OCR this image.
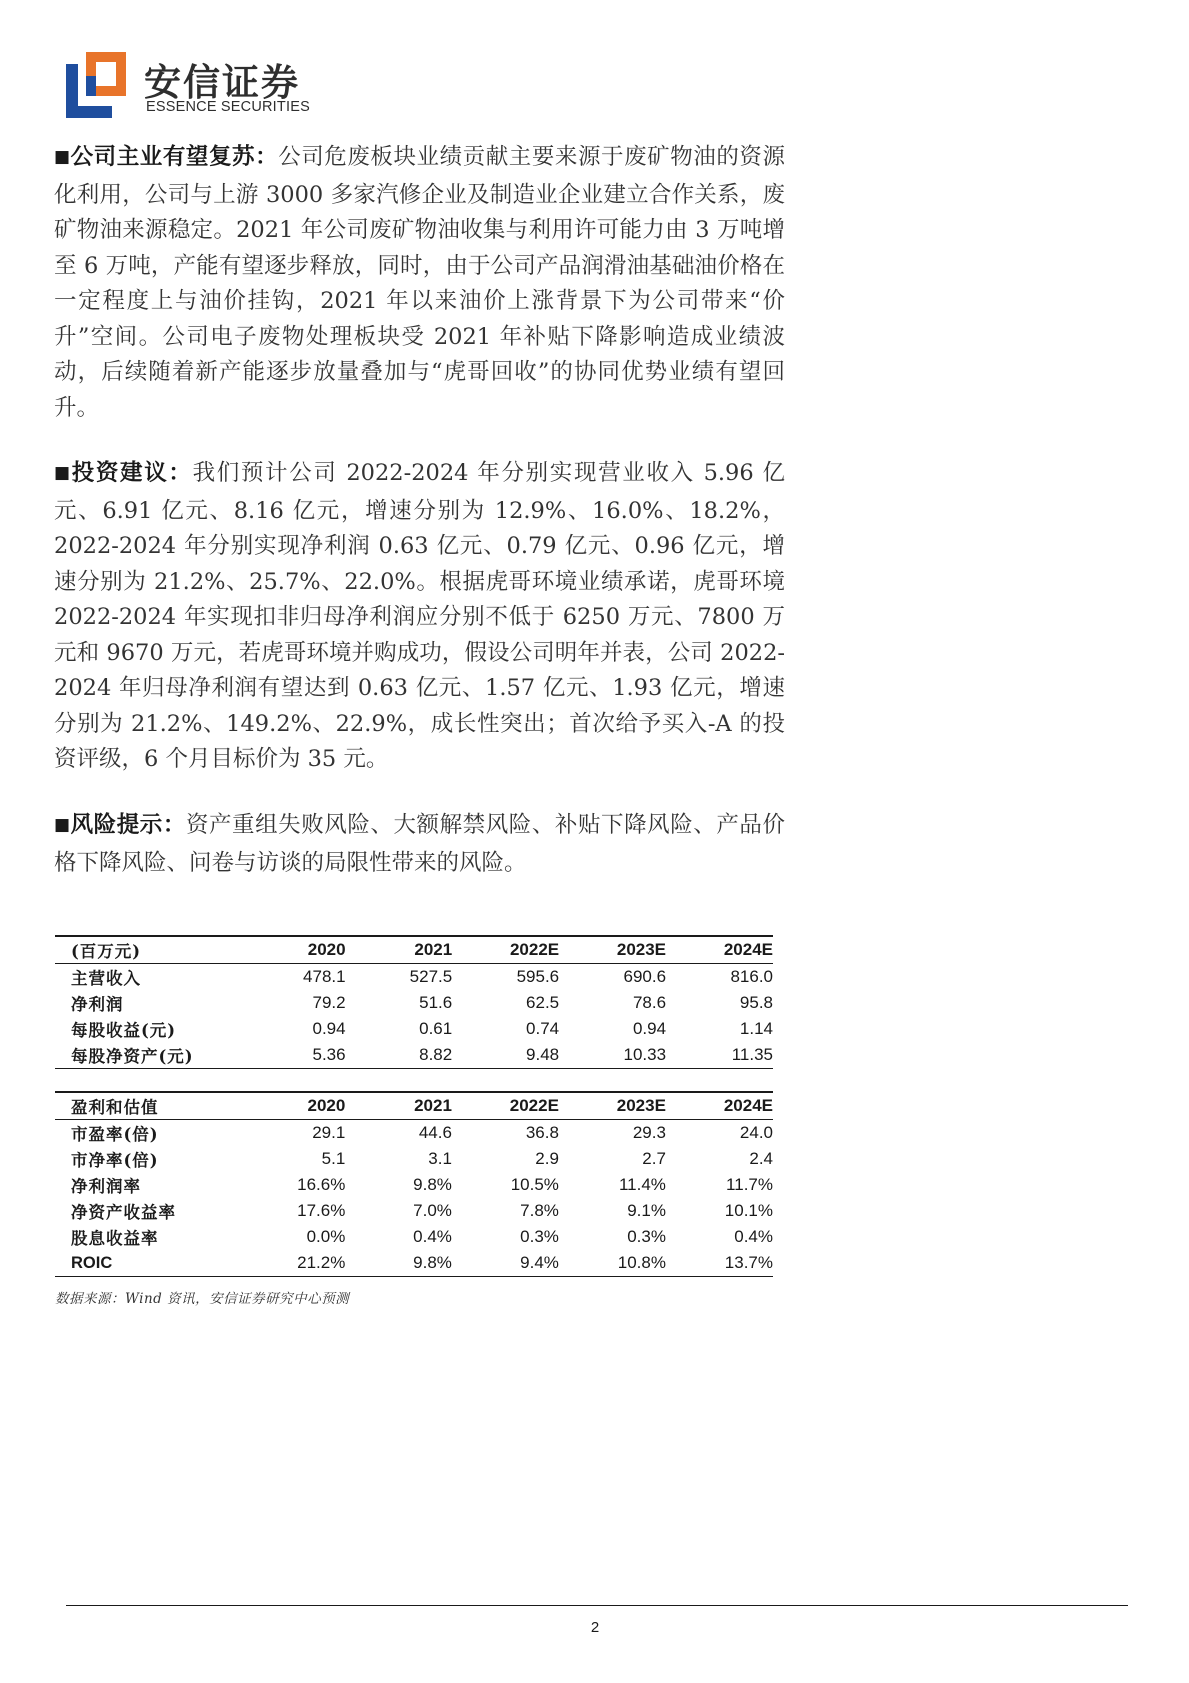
安信证券
ESSENCE SECURITIES
■公司主业有望复苏：公司危废板块业绩贡献主要来源于废矿物油的资源化利用，公司与上游 3000 多家汽修企业及制造业企业建立合作关系，废矿物油来源稳定。2021 年公司废矿物油收集与利用许可能力由 3 万吨增至 6 万吨，产能有望逐步释放，同时，由于公司产品润滑油基础油价格在一定程度上与油价挂钩，2021 年以来油价上涨背景下为公司带来“价升”空间。公司电子废物处理板块受 2021 年补贴下降影响造成业绩波动，后续随着新产能逐步放量叠加与“虎哥回收”的协同优势业绩有望回升。
■投资建议：我们预计公司 2022-2024 年分别实现营业收入 5.96 亿元、6.91 亿元、8.16 亿元，增速分别为 12.9%、16.0%、18.2%，2022-2024 年分别实现净利润 0.63 亿元、0.79 亿元、0.96 亿元，增速分别为 21.2%、25.7%、22.0%。根据虎哥环境业绩承诺，虎哥环境 2022-2024 年实现扣非归母净利润应分别不低于 6250 万元、7800 万元和 9670 万元，若虎哥环境并购成功，假设公司明年并表，公司 2022-2024 年归母净利润有望达到 0.63 亿元、1.57 亿元、1.93 亿元，增速分别为 21.2%、149.2%、22.9%，成长性突出；首次给予买入-A 的投资评级，6 个月目标价为 35 元。
■风险提示：资产重组失败风险、大额解禁风险、补贴下降风险、产品价格下降风险、问卷与访谈的局限性带来的风险。
(百万元)	2020	2021	2022E	2023E	2024E
主营收入	478.1	527.5	595.6	690.6	816.0
净利润	79.2	51.6	62.5	78.6	95.8
每股收益(元)	0.94	0.61	0.74	0.94	1.14
每股净资产(元)	5.36	8.82	9.48	10.33	11.35
盈利和估值	2020	2021	2022E	2023E	2024E
市盈率(倍)	29.1	44.6	36.8	29.3	24.0
市净率(倍)	5.1	3.1	2.9	2.7	2.4
净利润率	16.6%	9.8%	10.5%	11.4%	11.7%
净资产收益率	17.6%	7.0%	7.8%	9.1%	10.1%
股息收益率	0.0%	0.4%	0.3%	0.3%	0.4%
ROIC	21.2%	9.8%	9.4%	10.8%	13.7%
数据来源：Wind 资讯，安信证券研究中心预测
2
